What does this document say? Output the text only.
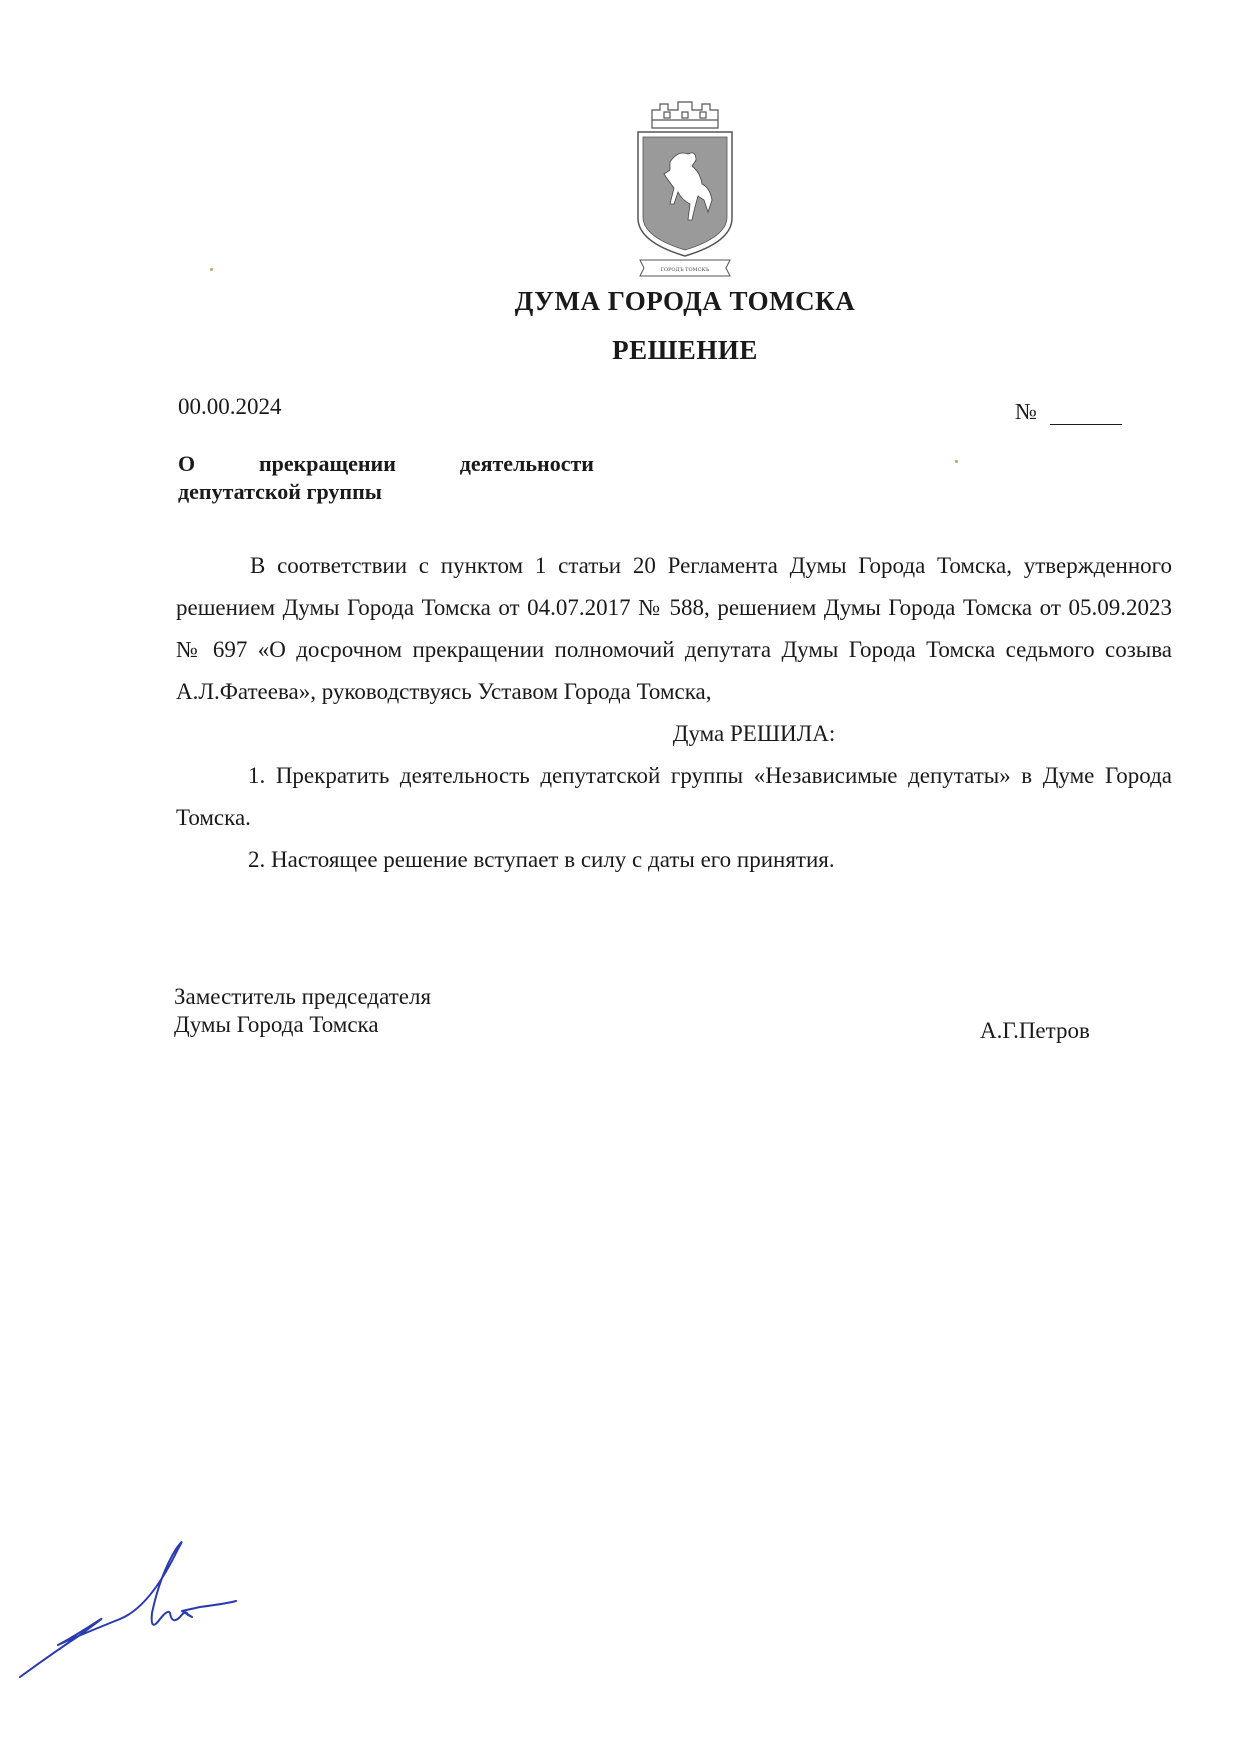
ГОРОДЪ ТОМСКЪ
ДУМА ГОРОДА ТОМСКА
РЕШЕНИЕ
00.00.2024	№
О	прекращении	деятельности
депутатской группы

В соответствии с пунктом 1 статьи 20 Регламента Думы Города Томска, утвержденного решением Думы Города Томска от 04.07.2017 № 588, решением Думы Города Томска от 05.09.2023 № 697 «О досрочном прекращении полномочий депутата Думы Города Томска седьмого созыва А.Л.Фатеева», руководствуясь Уставом Города Томска,

Дума РЕШИЛА:

1. Прекратить деятельность депутатской группы «Независимые депутаты» в Думе Города Томска.

2. Настоящее решение вступает в силу с даты его принятия.

Заместитель председателя
Думы Города Томска	А.Г.Петров
